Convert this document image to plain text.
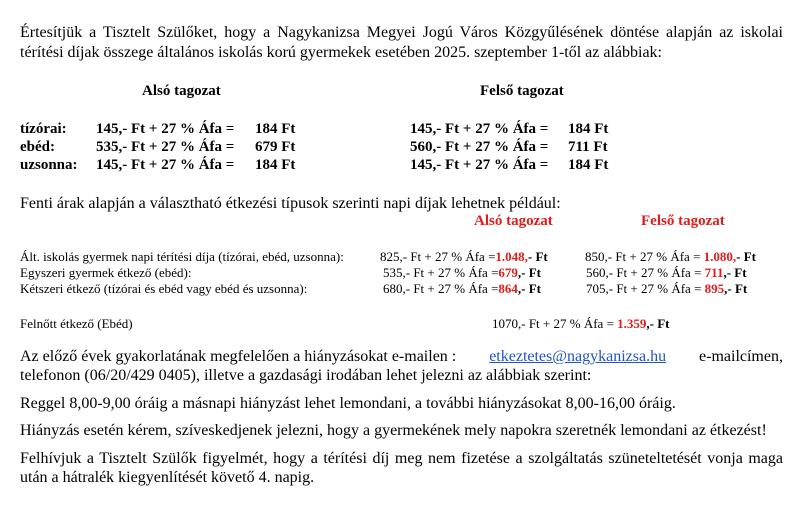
Értesítjük a Tisztelt Szülőket, hogy a Nagykanizsa Megyei Jogú Város Közgyűlésének döntése alapján az iskolai
térítési díjak összege általános iskolás korú gyermekek esetében 2025. szeptember 1-től az alábbiak:
Alsó tagozat	Felső tagozat
tízórai: 145,- Ft + 27 % Áfa = 184 Ft	145,- Ft + 27 % Áfa = 184 Ft
ebéd:	535,- Ft + 27 % Áfa = 679 Ft	560,- Ft + 27 % Áfa = 711 Ft
uzsonna: 145,- Ft + 27 % Áfa = 184 Ft	145,- Ft + 27 % Áfa = 184 Ft
Fenti árak alapján a választható étkezési típusok szerinti napi díjak lehetnek például:
Alsó tagozat	Felső tagozat
Ált. iskolás gyermek napi térítési díja (tízórai, ebéd, uzsonna):	825,- Ft + 27 % Áfa =1.048,- Ft	850,- Ft + 27 % Áfa = 1.080,- Ft
Egyszeri gyermek étkező (ebéd):	535,- Ft + 27 % Áfa =679,- Ft	560,- Ft + 27 % Áfa = 711,- Ft
Kétszeri étkező (tízórai és ebéd vagy ebéd és uzsonna):	680,- Ft + 27 % Áfa =864,- Ft	705,- Ft + 27 % Áfa = 895,- Ft
Felnőtt étkező (Ebéd)	1070,- Ft + 27 % Áfa = 1.359,- Ft
Az előző évek gyakorlatának megfelelően a hiányzásokat e-mailen : etkeztetes@nagykanizsa.hu e-mailcímen,
telefonon (06/20/429 0405), illetve a gazdasági irodában lehet jelezni az alábbiak szerint:
Reggel 8,00-9,00 óráig a másnapi hiányzást lehet lemondani, a további hiányzásokat 8,00-16,00 óráig.
Hiányzás esetén kérem, szíveskedjenek jelezni, hogy a gyermekének mely napokra szeretnék lemondani az étkezést!
Felhívjuk a Tisztelt Szülők figyelmét, hogy a térítési díj meg nem fizetése a szolgáltatás szüneteltetését vonja maga
után a hátralék kiegyenlítését követő 4. napig.
